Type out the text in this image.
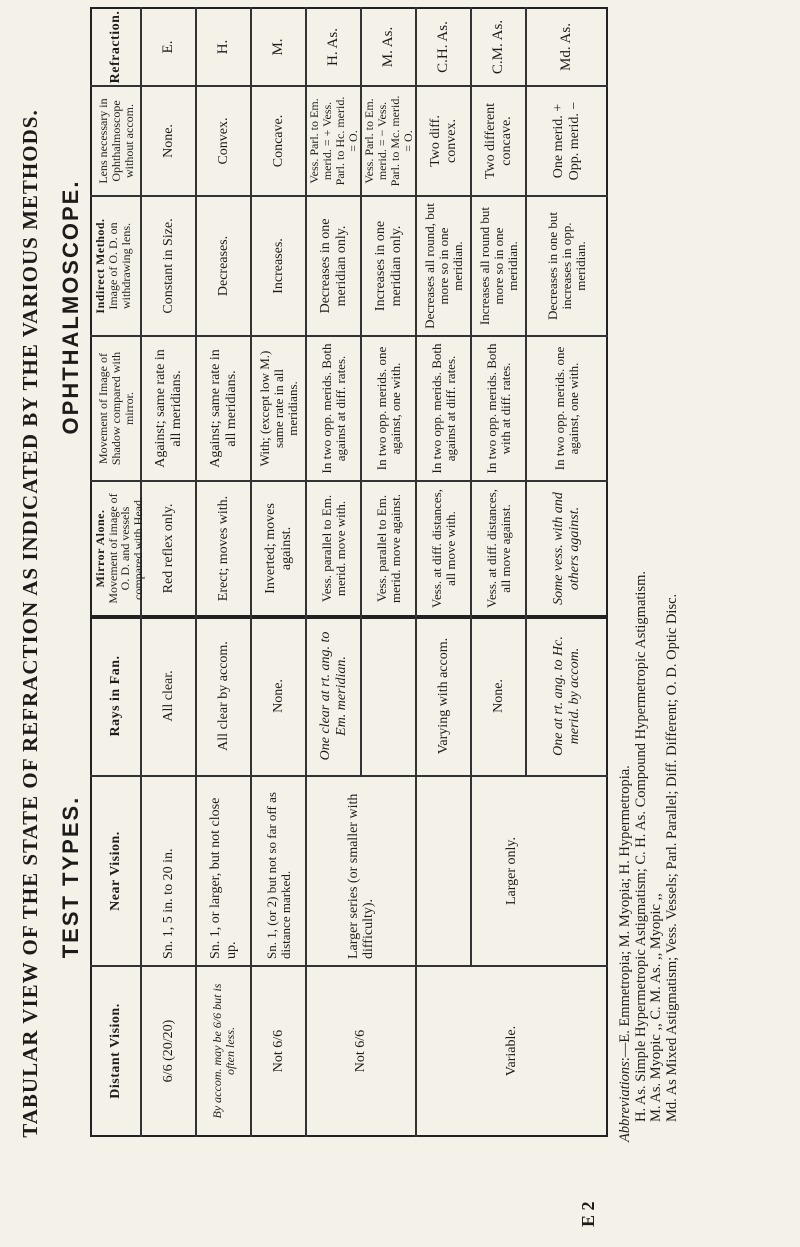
TABULAR VIEW OF THE STATE OF REFRACTION AS INDICATED BY THE VARIOUS METHODS. TEST TYPES.
OPHTHALMOSCOPE.
Distant Vision.
Near Vision.
Rays in Fan.
Mirror Alone.
Movement of image of O. D. and vessels compared with Head.
Movement of Image of Shadow compared with mirror.
Indirect Method.
Image of O. D. on withdrawing lens.
Lens necessary in Ophthalmoscope without accom.
Refraction.
6/6 (20/20)
Sn. 1, 5 in. to 20 in.
All clear.
Red reflex only.
Against; same rate in all meridians.
Constant in Size.
None.
E.
By accom. may be 6/6 but is often less.
Sn. 1, or larger, but not close up.
All clear by accom.
Erect; moves with.
Against; same rate in all meridians.
Decreases.
Convex.
H.
Not 6/6
Sn. 1, (or 2) but not so far off as distance marked.
None.
Inverted; moves against.
With; (except low M.) same rate in all meridians.
Increases.
Concave.
M.
Not 6/6
Larger series (or smaller with difficulty).
One clear at rt. ang. to Em. meridian.
Vess. parallel to Em. merid. move with.
In two opp. merids. Both against at diff. rates.
Decreases in one meridian only.
Vess. Parl. to Em. merid. = + Vess. Parl. to Hc. merid. = O.
H. As.
Vess. parallel to Em. merid. move against.
In two opp. merids. one against, one with.
Increases in one meridian only.
Vess. Parl. to Em. merid. = − Vess. Parl. to Mc. merid. = O.
M. As.
Variable.
Larger only.
Varying with accom.
Vess. at diff. distances, all move with.
In two opp. merids. Both against at diff. rates.
Decreases all round, but more so in one meridian.
Two diff. convex.
C.H. As.
None.
Vess. at diff. distances, all move against.
In two opp. merids. Both with at diff. rates.
Increases all round but more so in one meridian.
Two different concave.
C.M. As.
One at rt. ang. to Hc. merid. by accom.
Some vess. with and others against.
In two opp. merids. one against, one with.
Decreases in one but increases in opp. meridian.
One merid. + Opp. merid. −
Md. As.
Abbreviations:—E. Emmetropia; M. Myopia; H. Hypermetropia. H. As. Simple Hypermetropic Astigmatism; C. H. As. Compound Hypermetropic Astigmatism. M. As. Myopic ,, C. M. As. ,, Myopic ,, Md. As Mixed Astigmatism; Vess. Vessels; Parl. Parallel; Diff. Different; O. D. Optic Disc.
E 2
